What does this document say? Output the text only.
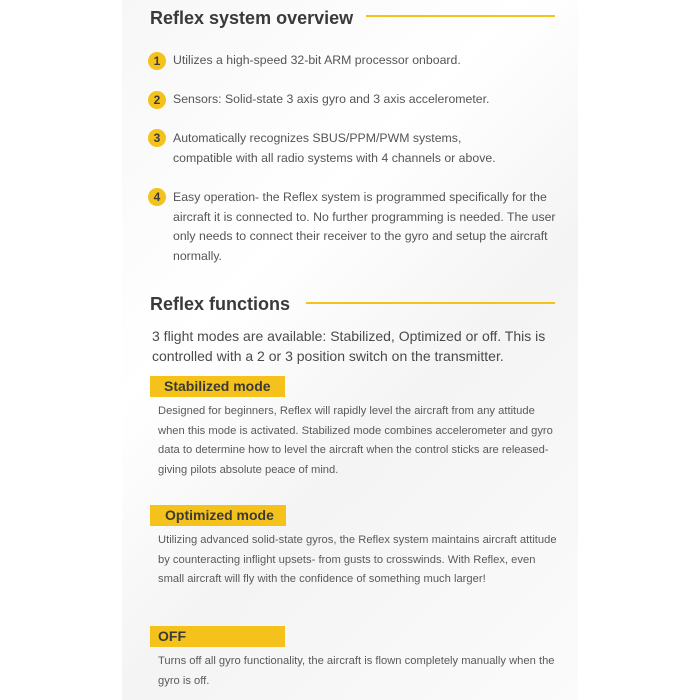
Reflex system overview
1	Utilizes a high-speed 32-bit ARM processor onboard.
2	Sensors: Solid-state 3 axis gyro and 3 axis accelerometer.
3	Automatically recognizes SBUS/PPM/PWM systems, compatible with all radio systems with 4 channels or above.
4	Easy operation- the Reflex system is programmed specifically for the aircraft it is connected to. No further programming is needed. The user only needs to connect their receiver to the gyro and setup the aircraft normally.
Reflex functions
3 flight modes are available: Stabilized, Optimized or off. This is controlled with a 2 or 3 position switch on the transmitter.
Stabilized mode
Designed for beginners, Reflex will rapidly level the aircraft from any attitude when this mode is activated. Stabilized mode combines accelerometer and gyro data to determine how to level the aircraft when the control sticks are released- giving pilots absolute peace of mind.
Optimized mode
Utilizing advanced solid-state gyros, the Reflex system maintains aircraft attitude by counteracting inflight upsets- from gusts to crosswinds. With Reflex, even small aircraft will fly with the confidence of something much larger!
OFF
Turns off all gyro functionality, the aircraft is flown completely manually when the gyro is off.
